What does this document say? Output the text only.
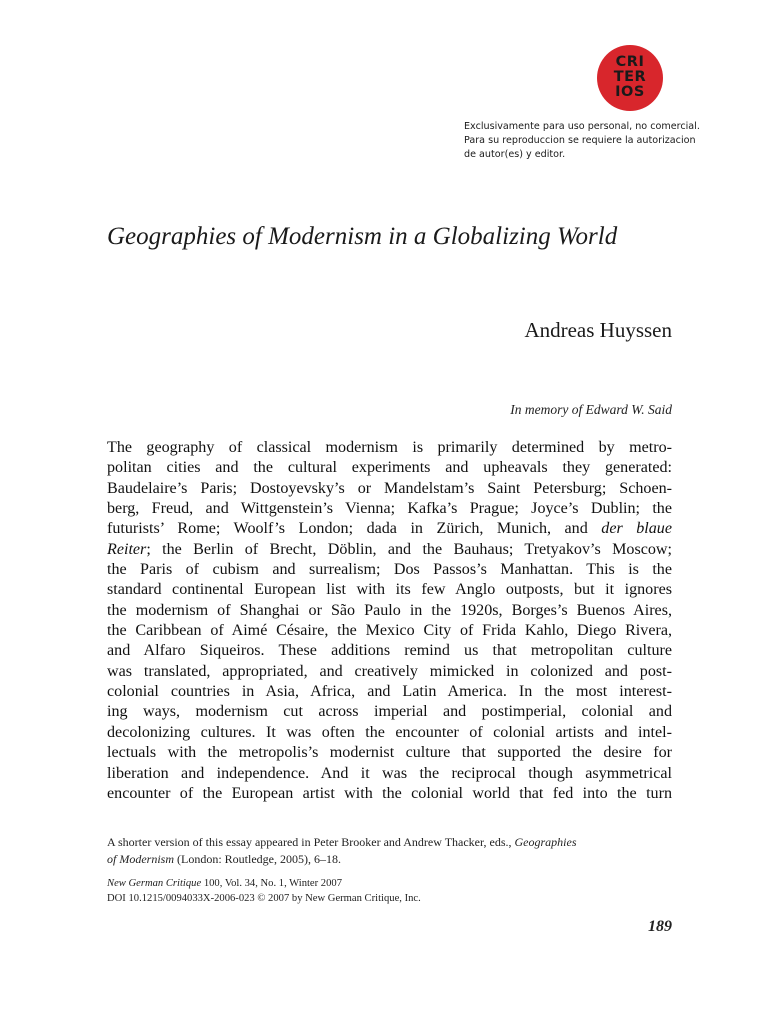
CRI
TER
IOS
Exclusivamente para uso personal, no comercial.
Para su reproduccion se requiere la autorizacion
de autor(es) y editor.
Geographies of Modernism in a Globalizing World
Andreas Huyssen
In memory of Edward W. Said
The geography of classical modernism is primarily determined by metro-
politan cities and the cultural experiments and upheavals they generated:
Baudelaire’s Paris; Dostoyevsky’s or Mandelstam’s Saint Petersburg; Schoen-
berg, Freud, and Wittgenstein’s Vienna; Kafka’s Prague; Joyce’s Dublin; the
futurists’ Rome; Woolf’s London; dada in Zürich, Munich, and der blaue
Reiter; the Berlin of Brecht, Döblin, and the Bauhaus; Tretyakov’s Moscow;
the Paris of cubism and surrealism; Dos Passos’s Manhattan. This is the
standard continental European list with its few Anglo outposts, but it ignores
the modernism of Shanghai or São Paulo in the 1920s, Borges’s Buenos Aires,
the Caribbean of Aimé Césaire, the Mexico City of Frida Kahlo, Diego Rivera,
and Alfaro Siqueiros. These additions remind us that metropolitan culture
was translated, appropriated, and creatively mimicked in colonized and post-
colonial countries in Asia, Africa, and Latin America. In the most interest-
ing ways, modernism cut across imperial and postimperial, colonial and
decolonizing cultures. It was often the encounter of colonial artists and intel-
lectuals with the metropolis’s modernist culture that supported the desire for
liberation and independence. And it was the reciprocal though asymmetrical
encounter of the European artist with the colonial world that fed into the turn
A shorter version of this essay appeared in Peter Brooker and Andrew Thacker, eds., Geographies
of Modernism (London: Routledge, 2005), 6–18.
New German Critique 100, Vol. 34, No. 1, Winter 2007
DOI 10.1215/0094033X-2006-023 © 2007 by New German Critique, Inc.
189
